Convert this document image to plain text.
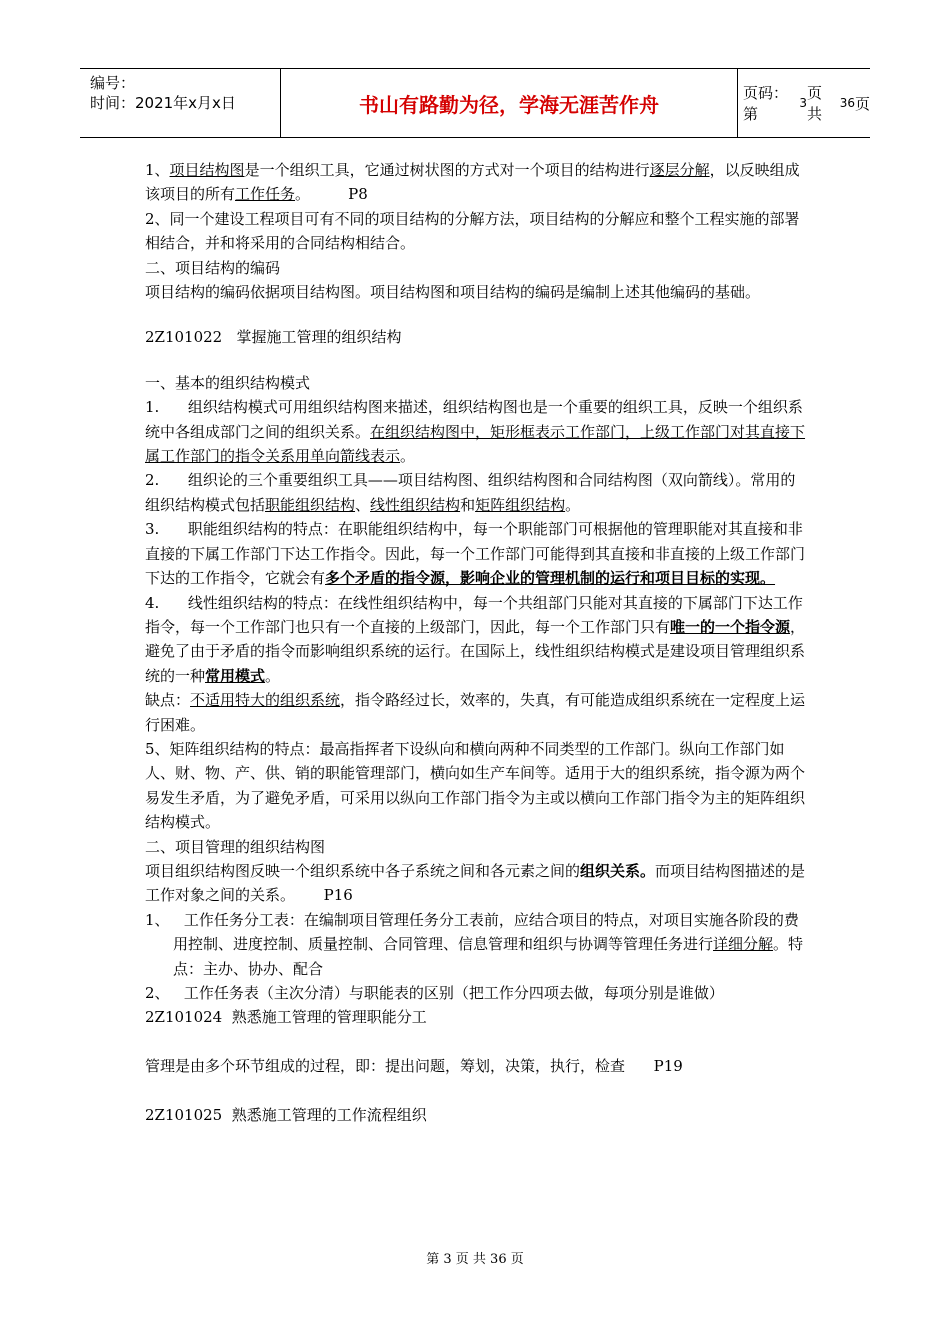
编号：
时间：2021年x月x日	书山有路勤为径，学海无涯苦作舟	页码：第
3
页 共
36 页

1、项目结构图是一个组织工具，它通过树状图的方式对一个项目的结构进行逐层分解，以反映组成该项目的所有工作任务。        P8

2、同一个建设工程项目可有不同的项目结构的分解方法，项目结构的分解应和整个工程实施的部署相结合，并和将采用的合同结构相结合。

二、项目结构的编码

项目结构的编码依据项目结构图。项目结构图和项目结构的编码是编制上述其他编码的基础。

2Z101022   掌握施工管理的组织结构

一、基本的组织结构模式

1.      组织结构模式可用组织结构图来描述，组织结构图也是一个重要的组织工具，反映一个组织系统中各组成部门之间的组织关系。在组织结构图中，矩形框表示工作部门，上级工作部门对其直接下属工作部门的指令关系用单向箭线表示。

2.      组织论的三个重要组织工具——项目结构图、组织结构图和合同结构图（双向箭线）。常用的组织结构模式包括职能组织结构、线性组织结构和矩阵组织结构。

3.      职能组织结构的特点：在职能组织结构中，每一个职能部门可根据他的管理职能对其直接和非直接的下属工作部门下达工作指令。因此，每一个工作部门可能得到其直接和非直接的上级工作部门下达的工作指令，它就会有多个矛盾的指令源，影响企业的管理机制的运行和项目目标的实现。

4.      线性组织结构的特点：在线性组织结构中，每一个共组部门只能对其直接的下属部门下达工作指令，每一个工作部门也只有一个直接的上级部门，因此，每一个工作部门只有唯一的一个指令源，避免了由于矛盾的指令而影响组织系统的运行。在国际上，线性组织结构模式是建设项目管理组织系统的一种常用模式。

缺点：不适用特大的组织系统，指令路经过长，效率的，失真，有可能造成组织系统在一定程度上运行困难。

5、矩阵组织结构的特点：最高指挥者下设纵向和横向两种不同类型的工作部门。纵向工作部门如人、财、物、产、供、销的职能管理部门，横向如生产车间等。适用于大的组织系统，指令源为两个易发生矛盾，为了避免矛盾，可采用以纵向工作部门指令为主或以横向工作部门指令为主的矩阵组织结构模式。

二、项目管理的组织结构图

项目组织结构图反映一个组织系统中各子系统之间和各元素之间的组织关系。而项目结构图描述的是工作对象之间的关系。      P16

1、   工作任务分工表：在编制项目管理任务分工表前，应结合项目的特点，对项目实施各阶段的费用控制、进度控制、质量控制、合同管理、信息管理和组织与协调等管理任务进行详细分解。特点：主办、协办、配合

2、   工作任务表（主次分清）与职能表的区别（把工作分四项去做，每项分别是谁做）

2Z101024  熟悉施工管理的管理职能分工

管理是由多个环节组成的过程，即：提出问题，筹划，决策，执行，检查      P19

2Z101025  熟悉施工管理的工作流程组织

第 3 页 共 36 页
